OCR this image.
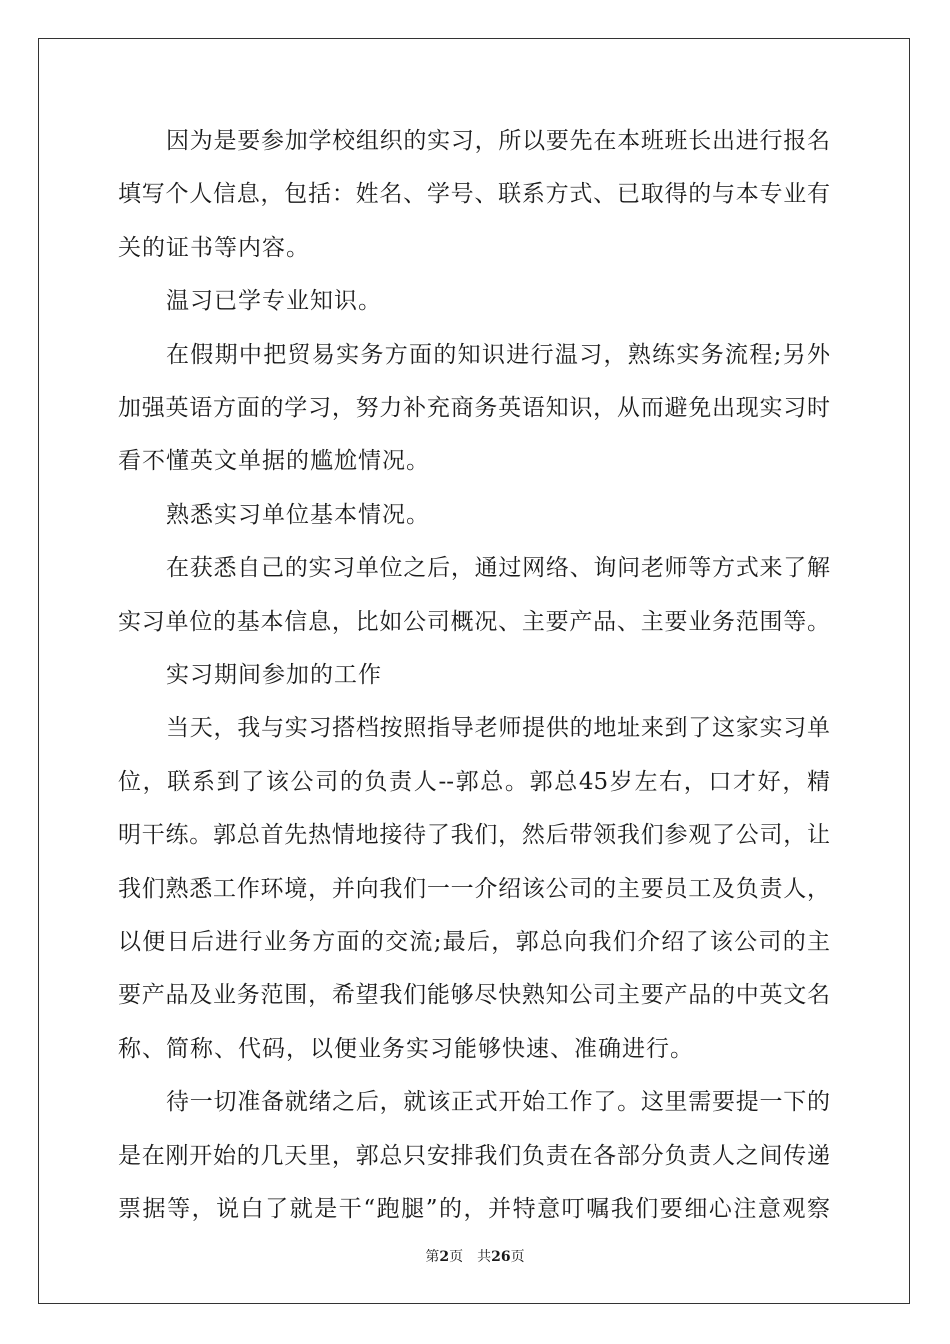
因为是要参加学校组织的实习，所以要先在本班班长出进行报名
填写个人信息，包括：姓名、学号、联系方式、已取得的与本专业有
关的证书等内容。
温习已学专业知识。
在假期中把贸易实务方面的知识进行温习，熟练实务流程;另外
加强英语方面的学习，努力补充商务英语知识，从而避免出现实习时
看不懂英文单据的尴尬情况。
熟悉实习单位基本情况。
在获悉自己的实习单位之后，通过网络、询问老师等方式来了解
实习单位的基本信息，比如公司概况、主要产品、主要业务范围等。
实习期间参加的工作
当天，我与实习搭档按照指导老师提供的地址来到了这家实习单
位，联系到了该公司的负责人--郭总。郭总45岁左右，口才好，精
明干练。郭总首先热情地接待了我们，然后带领我们参观了公司，让
我们熟悉工作环境，并向我们一一介绍该公司的主要员工及负责人，
以便日后进行业务方面的交流;最后，郭总向我们介绍了该公司的主
要产品及业务范围，希望我们能够尽快熟知公司主要产品的中英文名
称、简称、代码，以便业务实习能够快速、准确进行。
待一切准备就绪之后，就该正式开始工作了。这里需要提一下的
是在刚开始的几天里，郭总只安排我们负责在各部分负责人之间传递
票据等，说白了就是干“跑腿”的，并特意叮嘱我们要细心注意观察
第2页 共26页
